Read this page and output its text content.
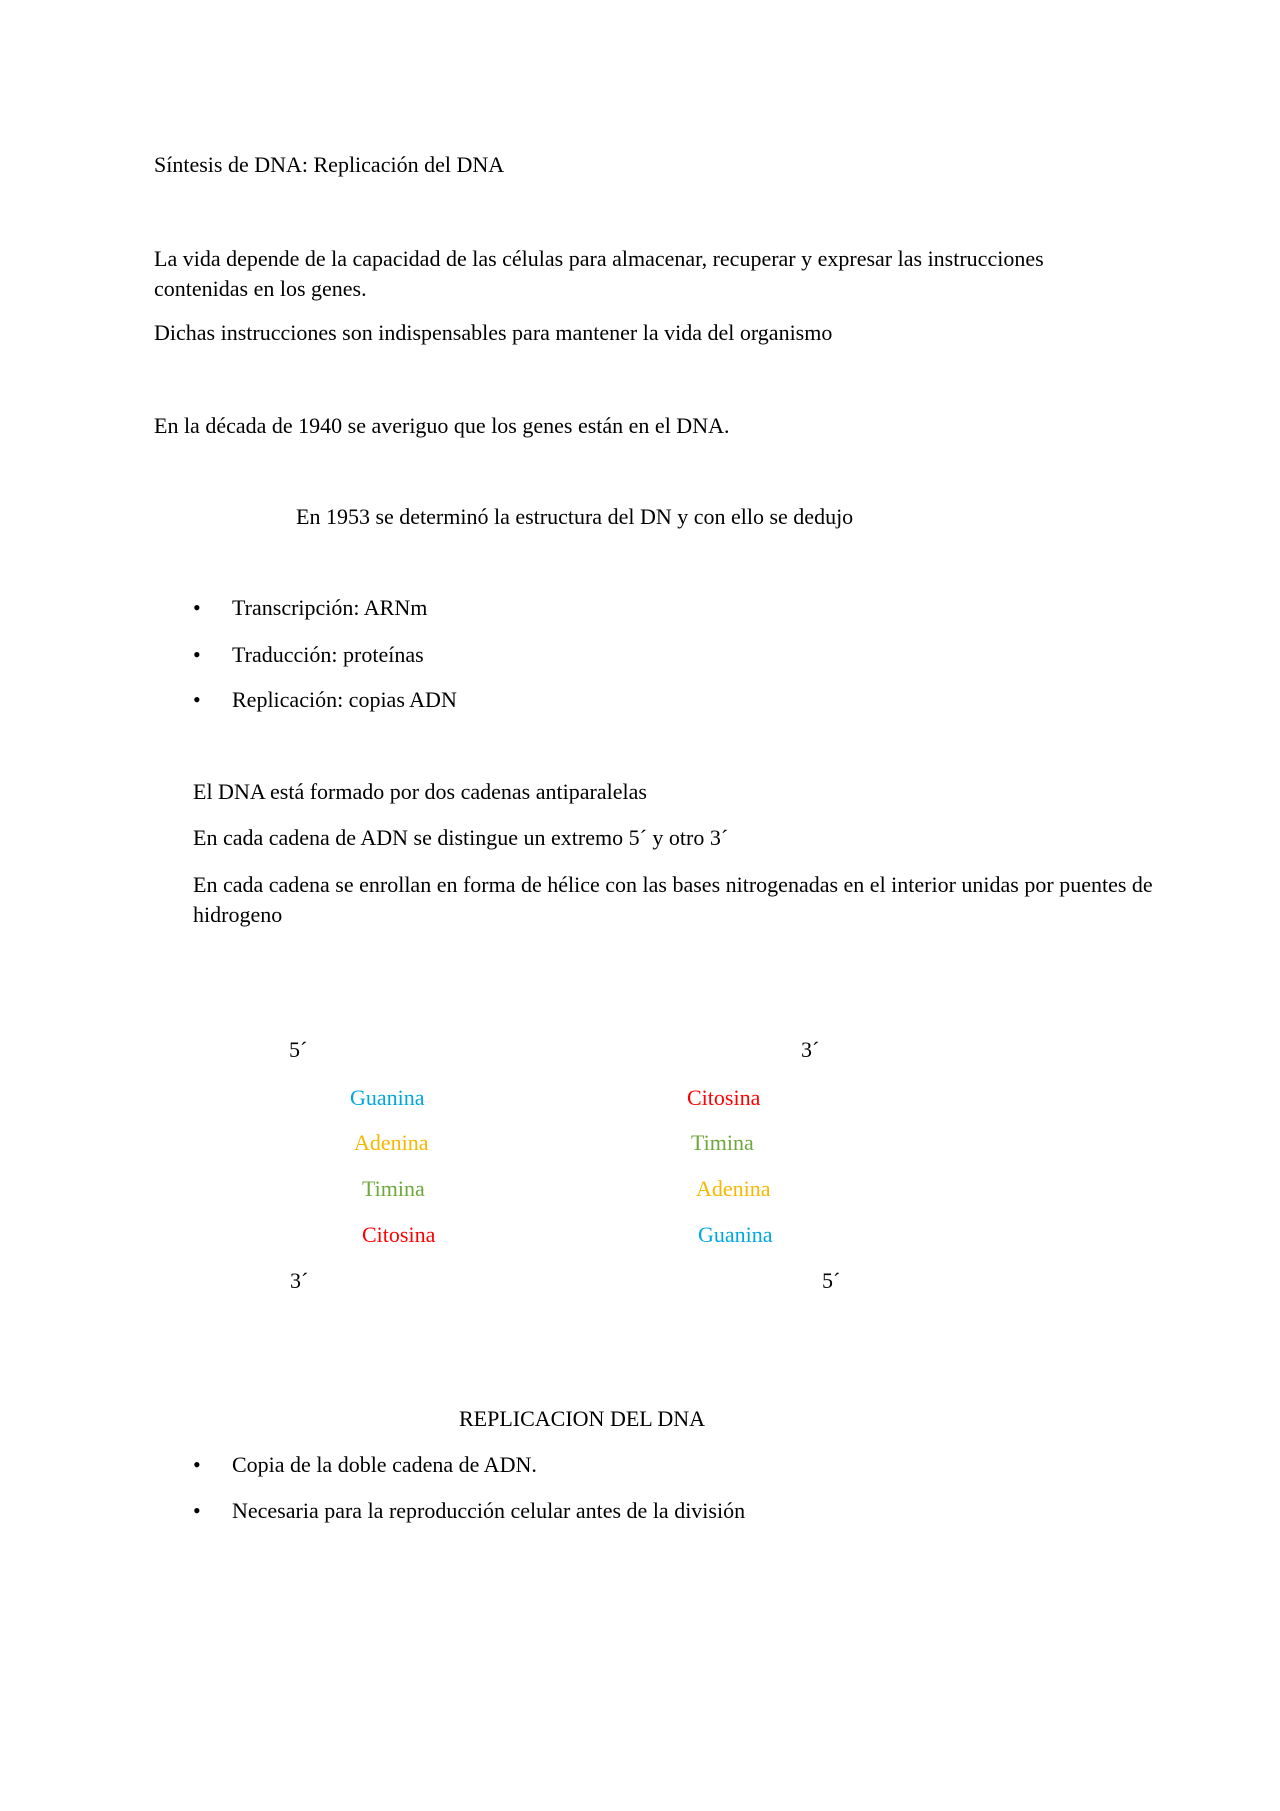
Síntesis de DNA: Replicación del DNA
La vida depende de la capacidad de las células para almacenar, recuperar y expresar las instrucciones contenidas en los genes.
Dichas instrucciones son indispensables para mantener la vida del organismo
En la década de 1940 se averiguo que los genes están en el DNA.
En 1953 se determinó la estructura del DN y con ello se dedujo
• Transcripción: ARNm
• Traducción: proteínas
• Replicación: copias ADN
El DNA está formado por dos cadenas antiparalelas
En cada cadena de ADN se distingue un extremo 5´ y otro 3´
En cada cadena se enrollan en forma de hélice con las bases nitrogenadas en el interior unidas por puentes de hidrogeno
5´	3´
Guanina
Adenina
Timina
Citosina
Citosina
Timina
Adenina
Guanina
3´	5´
REPLICACION DEL DNA
• Copia de la doble cadena de ADN.
• Necesaria para la reproducción celular antes de la división
